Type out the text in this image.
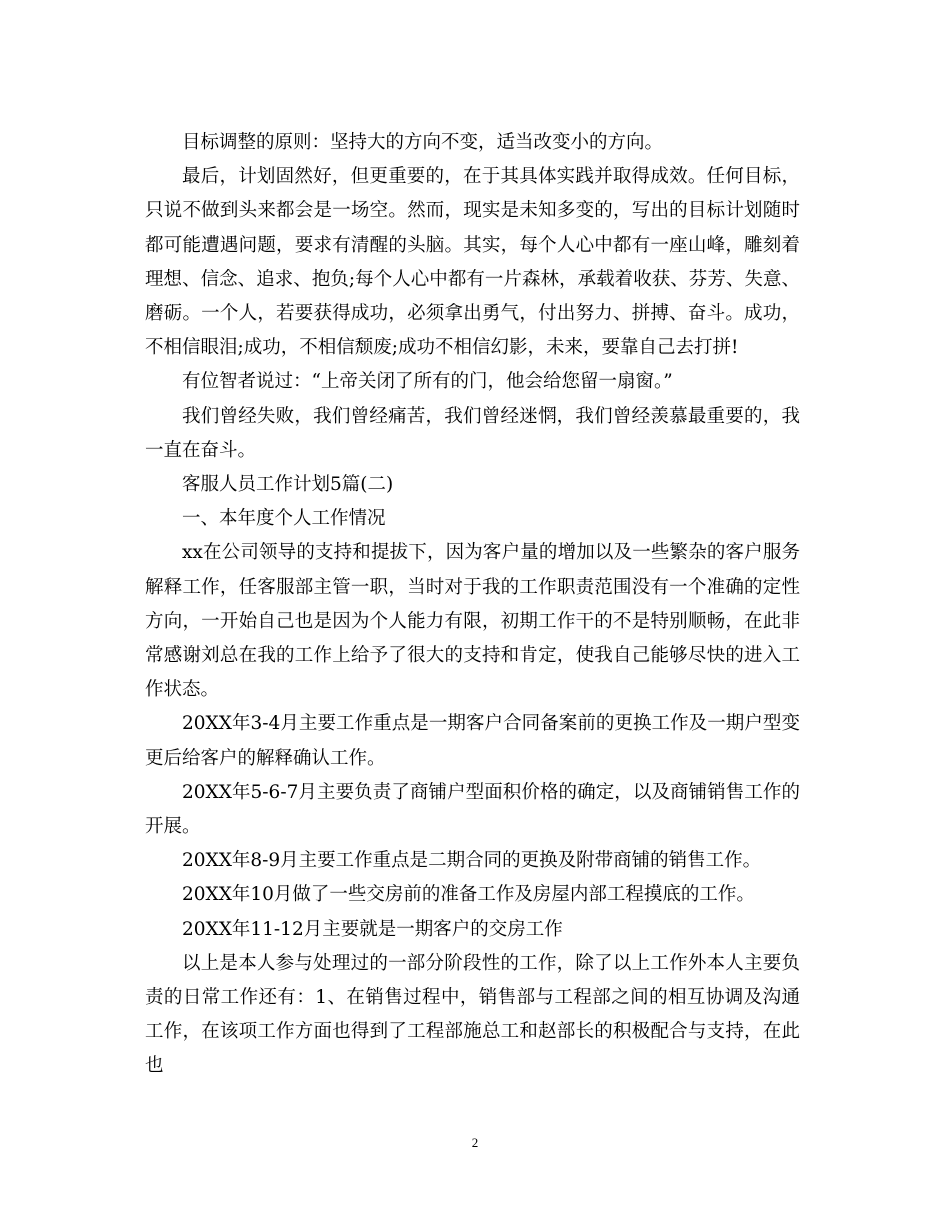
目标调整的原则：坚持大的方向不变，适当改变小的方向。

最后，计划固然好，但更重要的，在于其具体实践并取得成效。任何目标，只说不做到头来都会是一场空。然而，现实是未知多变的，写出的目标计划随时都可能遭遇问题，要求有清醒的头脑。其实，每个人心中都有一座山峰，雕刻着理想、信念、追求、抱负;每个人心中都有一片森林，承载着收获、芬芳、失意、磨砺。一个人，若要获得成功，必须拿出勇气，付出努力、拼搏、奋斗。成功，不相信眼泪;成功，不相信颓废;成功不相信幻影，未来，要靠自己去打拼!

有位智者说过：“上帝关闭了所有的门，他会给您留一扇窗。”

我们曾经失败，我们曾经痛苦，我们曾经迷惘，我们曾经羡慕最重要的，我一直在奋斗。

客服人员工作计划5篇(二)

一、本年度个人工作情况

xx在公司领导的支持和提拔下，因为客户量的增加以及一些繁杂的客户服务解释工作，任客服部主管一职，当时对于我的工作职责范围没有一个准确的定性方向，一开始自己也是因为个人能力有限，初期工作干的不是特别顺畅，在此非常感谢刘总在我的工作上给予了很大的支持和肯定，使我自己能够尽快的进入工作状态。

20XX年3-4月主要工作重点是一期客户合同备案前的更换工作及一期户型变更后给客户的解释确认工作。

20XX年5-6-7月主要负责了商铺户型面积价格的确定，以及商铺销售工作的开展。

20XX年8-9月主要工作重点是二期合同的更换及附带商铺的销售工作。

20XX年10月做了一些交房前的准备工作及房屋内部工程摸底的工作。

20XX年11-12月主要就是一期客户的交房工作

以上是本人参与处理过的一部分阶段性的工作，除了以上工作外本人主要负责的日常工作还有：1、在销售过程中，销售部与工程部之间的相互协调及沟通工作，在该项工作方面也得到了工程部施总工和赵部长的积极配合与支持，在此也

2
